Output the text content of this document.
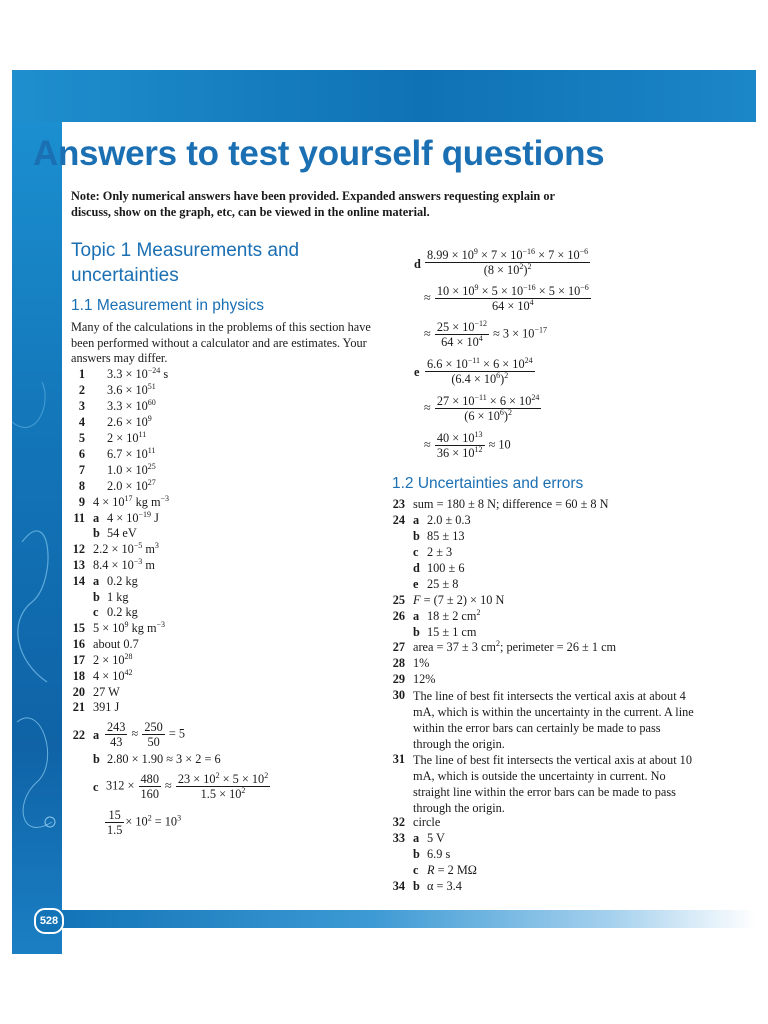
Answers to test yourself questions
Note: Only numerical answers have been provided. Expanded answers requesting explain or discuss, show on the graph, etc, can be viewed in the online material.
Topic 1 Measurements and uncertainties
1.1 Measurement in physics
Many of the calculations in the problems of this section have been performed without a calculator and are estimates. Your answers may differ.
1 $3.3 \times 10^{-24}$ s
2 $3.6 \times 10^{51}$
3 $3.3 \times 10^{60}$
4 $2.6 \times 10^9$
5 $2 \times 10^{11}$
6 $6.7 \times 10^{11}$
7 $1.0 \times 10^{25}$
8 $2.0 \times 10^{27}$
9 $4 \times 10^{17}$ kg $m^{-3}$
11 a $4 \times 10^{-19}$ J
b 54 eV
12 $2.2 \times 10^{-5}$ $m^3$
13 $8.4 \times 10^{-3}$ m
14 a 0.2 kg
b 1 kg
c 0.2 kg
15 $5 \times 10^9$ kg $m^{-3}$
16 about 0.7
17 $2 \times 10^{28}$
18 $4 \times 10^{42}$
20 27 W
21 391 J
22 a $\frac{243}{43} \approx \frac{250}{50} = 5$
b 2.80 × 1.90 ≈ 3 × 2 = 6
c $312 \times \frac{480}{160} \approx \frac{23 \times 10^2 \times 5 \times 10^2}{1.5 \times 10^2}$
$\frac{15}{1.5} \times 10^2 = 10^3$
d $\frac{8.99 \times 10^9 \times 7 \times 10^{-16} \times 7 \times 10^{-6}}{(8 \times 10^2)^2}$
≈ $\frac{10 \times 10^9 \times 5 \times 10^{-16} \times 5 \times 10^{-6}}{64 \times 10^4}$
≈ $\frac{25 \times 10^{-12}}{64 \times 10^4} \approx 3 \times 10^{-17}$
e $\frac{6.6 \times 10^{-11} \times 6 \times 10^{24}}{(6.4 \times 10^6)^2}$
≈ $\frac{27 \times 10^{-11} \times 6 \times 10^{24}}{(6 \times 10^6)^2}$
≈ $\frac{40 \times 10^{13}}{36 \times 10^{12}} \approx 10$
1.2 Uncertainties and errors
23 sum = 180 ± 8 N; difference = 60 ± 8 N
24 a 2.0 ± 0.3
b 85 ± 13
c 2 ± 3
d 100 ± 6
e 25 ± 8
25 F = (7 ± 2) × 10 N
26 a 18 ± 2 $cm^2$
b 15 ± 1 cm
27 area = 37 ± 3 $cm^2$; perimeter = 26 ± 1 cm
28 1%
29 12%
30 The line of best fit intersects the vertical axis at about 4 mA, which is within the uncertainty in the current. A line within the error bars can certainly be made to pass through the origin.
31 The line of best fit intersects the vertical axis at about 10 mA, which is outside the uncertainty in current. No straight line within the error bars can be made to pass through the origin.
32 circle
33 a 5 V
b 6.9 s
c R = 2 MΩ
34 b α = 3.4
528
